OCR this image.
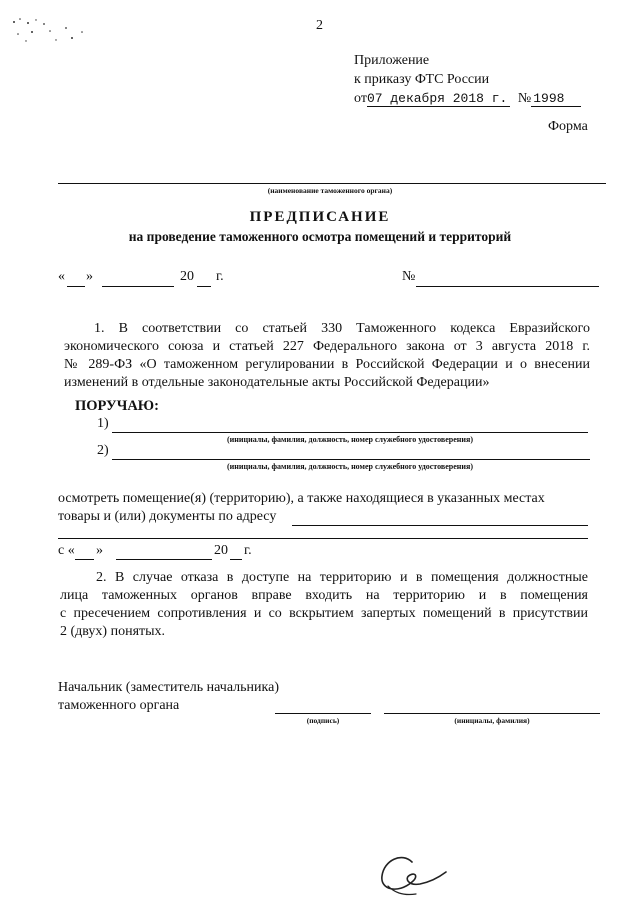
2
Приложение
к приказу ФТС России
от07 декабря 2018 г. № 1998
Форма
(наименование таможенного органа)
ПРЕДПИСАНИЕ
на проведение таможенного осмотра помещений и территорий
« »	20 г.	№
1. В соответствии со статьей 330 Таможенного кодекса Евразийского
экономического союза и статьей 227 Федерального закона от 3 августа 2018 г.
№ 289-ФЗ «О таможенном регулировании в Российской Федерации и о внесении
изменений в отдельные законодательные акты Российской Федерации»
ПОРУЧАЮ:
1)
(инициалы, фамилия, должность, номер служебного удостоверения)
2)
(инициалы, фамилия, должность, номер служебного удостоверения)
осмотреть помещение(я) (территорию), а также находящиеся в указанных местах
товары и (или) документы по адресу
с « »	20 г.
2. В случае отказа в доступе на территорию и в помещения должностные
лица таможенных органов вправе входить на территорию и в помещения
с пресечением сопротивления и со вскрытием запертых помещений в присутствии
2 (двух) понятых.
Начальник (заместитель начальника)
таможенного органа
(подпись)	(инициалы, фамилия)
